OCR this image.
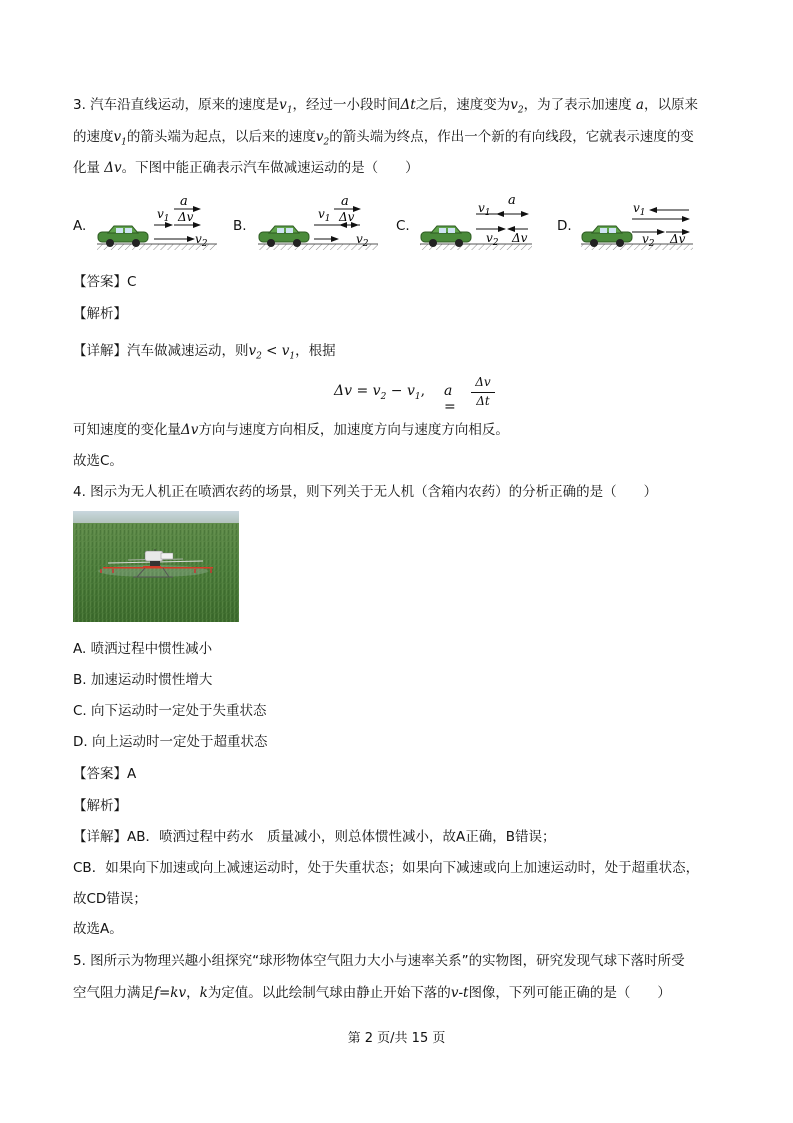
3. 汽车沿直线运动，原来的速度是$v_1$，经过一小段时间Δt之后，速度变为$v_2$，为了表示加速度 a，以原来
的速度$v_1$的箭头端为起点，以后来的速度$v_2$的箭头端为终点，作出一个新的有向线段，它就表示速度的变
化量 Δv。下图中能正确表示汽车做减速运动的是（　　）
A.	B.	C.	D.
a
$v_1$ Δv
$v_2$
a
$v_1$ Δv
$v_2$
$v_1$
a
$v_2$ Δv
$v_1$
$v_2$ Δv
【答案】C
【解析】
【详解】汽车做减速运动，则$v_2 < v_1$，根据
$\Delta v = v_2 - v_1$, a =
Δv
Δt
可知速度的变化量Δv方向与速度方向相反，加速度方向与速度方向相反。
故选C。
4. 图示为无人机正在喷洒农药的场景，则下列关于无人机（含箱内农药）的分析正确的是（　　）
A. 喷洒过程中惯性减小
B. 加速运动时惯性增大
C. 向下运动时一定处于失重状态
D. 向上运动时一定处于超重状态
【答案】A
【解析】
【详解】AB．喷洒过程中药水　质量减小，则总体惯性减小，故A正确，B错误；
CB．如果向下加速或向上减速运动时，处于失重状态；如果向下减速或向上加速运动时，处于超重状态，
故CD错误；
故选A。
5. 图所示为物理兴趣小组探究“球形物体空气阻力大小与速率关系”的实物图，研究发现气球下落时所受
空气阻力满足f=kv，k为定值。以此绘制气球由静止开始下落的v-t图像，下列可能正确的是（　　）
第 2 页/共 15 页
